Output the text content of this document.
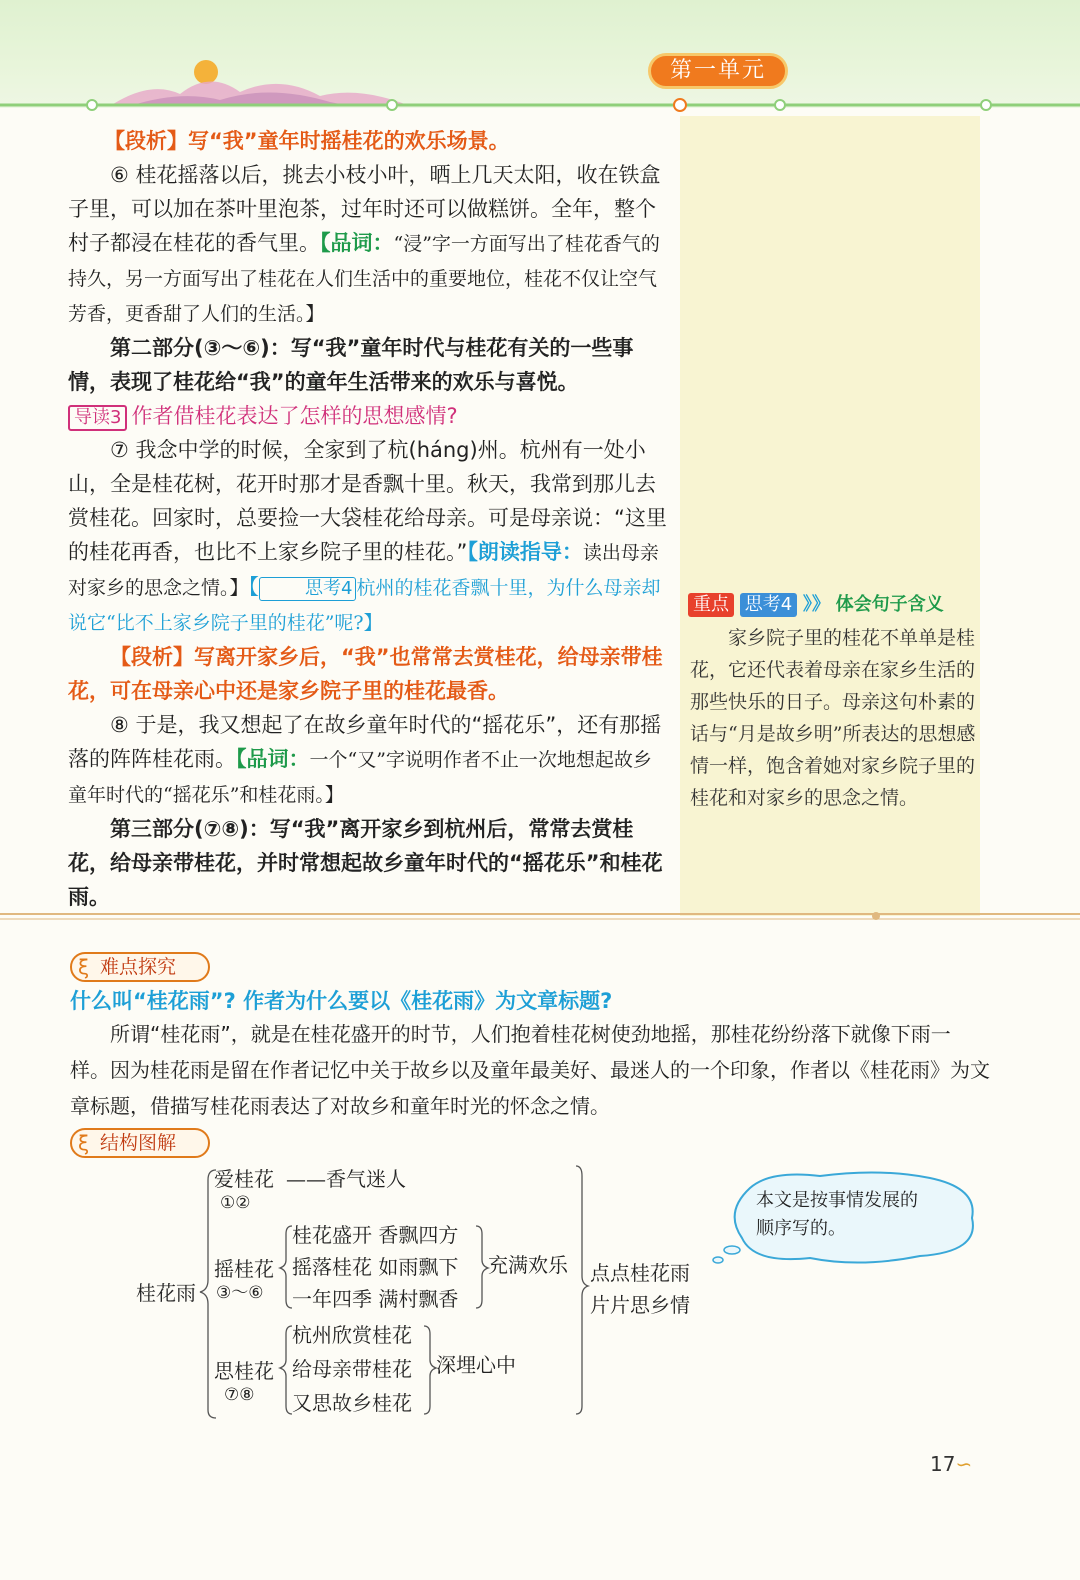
第一单元

【段析】写“我”童年时摇桂花的欢乐场景。

⑥ 桂花摇落以后，挑去小枝小叶，晒上几天太阳，收在铁盒子里，可以加在茶叶里泡茶，过年时还可以做糕饼。全年，整个村子都浸在桂花的香气里。【品词：“浸”字一方面写出了桂花香气的持久，另一方面写出了桂花在人们生活中的重要地位，桂花不仅让空气芳香，更香甜了人们的生活。】

第二部分(③～⑥)：写“我”童年时代与桂花有关的一些事情，表现了桂花给“我”的童年生活带来的欢乐与喜悦。

导读3 作者借桂花表达了怎样的思想感情?

⑦ 我念中学的时候，全家到了杭(háng)州。杭州有一处小山，全是桂花树，花开时那才是香飘十里。秋天，我常到那儿去赏桂花。回家时，总要捡一大袋桂花给母亲。可是母亲说：“这里的桂花再香，也比不上家乡院子里的桂花。”【朗读指导：读出母亲对家乡的思念之情。】【	思考4 杭州的桂花香飘十里，为什么母亲却说它“比不上家乡院子里的桂花”呢?】

【段析】写离开家乡后，“我”也常常去赏桂花，给母亲带桂花，可在母亲心中还是家乡院子里的桂花最香。

⑧ 于是，我又想起了在故乡童年时代的“摇花乐”，还有那摇落的阵阵桂花雨。【品词：一个“又”字说明作者不止一次地想起故乡童年时代的“摇花乐”和桂花雨。】

第三部分(⑦⑧)：写“我”离开家乡到杭州后，常常去赏桂花，给母亲带桂花，并时常想起故乡童年时代的“摇花乐”和桂花雨。

重点 思考4 》》 体会句子含义
家乡院子里的桂花不单单是桂花，它还代表着母亲在家乡生活的那些快乐的日子。母亲这句朴素的话与“月是故乡明”所表达的思想感情一样，饱含着她对家乡院子里的桂花和对家乡的思念之情。
ξ 难点探究
什么叫“桂花雨”? 作者为什么要以《桂花雨》为文章标题?

所谓“桂花雨”，就是在桂花盛开的时节，人们抱着桂花树使劲地摇，那桂花纷纷落下就像下雨一样。因为桂花雨是留在作者记忆中关于故乡以及童年最美好、最迷人的一个印象，作者以《桂花雨》为文章标题，借描写桂花雨表达了对故乡和童年时光的怀念之情。

ξ 结构图解
桂花雨
爱桂花 ——香气迷人
①②
摇桂花
③～⑥
桂花盛开 香飘四方
摇落桂花 如雨飘下
一年四季 满村飘香
充满欢乐
思桂花
⑦⑧
杭州欣赏桂花
给母亲带桂花
又思故乡桂花
深埋心中
点点桂花雨
片片思乡情
本文是按事情发展的
顺序写的。
17∽
